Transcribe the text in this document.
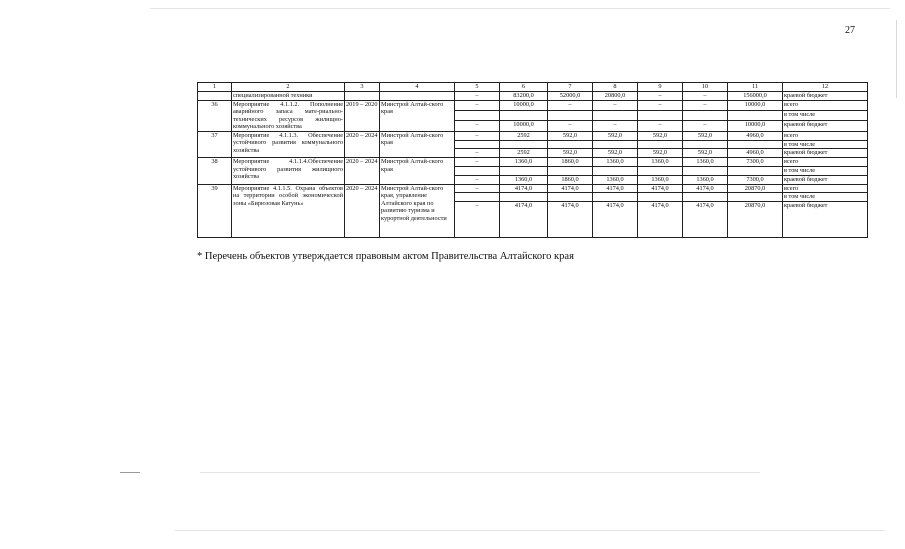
27
1	2	3	4	5	6	7	8	9	10	11	12
	специализированной техники			–	83200,0	52000,0	20800,0	–	–	156000,0	краевой бюджет
36	Мероприятие 4.1.1.2. Пополнение аварийного запаса мате-риально-технических ресурсов жилищно-коммунального хозяйства	2019 – 2020	Минстрой Алтай-ского края	–	10000,0	–	–	–	–	10000,0	всего
											в том числе
				–	10000,0	–	–	–	–	10000,0	краевой бюджет
37	Мероприятие 4.1.1.3. Обеспечение устойчивого развития коммунального хозяйства	2020 – 2024	Минстрой Алтай-ского края	–	2592	592,0	592,0	592,0	592,0	4960,0	всего
											в том числе
				–	2592	592,0	592,0	592,0	592,0	4960,0	краевой бюджет
38	Мероприятие 4.1.1.4.Обеспечение устойчивого развития жилищного хозяйства	2020 – 2024	Минстрой Алтай-ского края	–	1360,0	1860,0	1360,0	1360,0	1360,0	7300,0	всего
											в том числе
				–	1360,0	1860,0	1360,0	1360,0	1360,0	7300,0	краевой бюджет
39	Мероприятие 4.1.1.5. Охрана объектов на территории особой экономической зоны «Бирюзовая Катунь»	2020 – 2024	Минстрой Алтай-ского края, управление Алтайского края по развитию туризма и курортной деятельности	–	4174,0	4174,0	4174,0	4174,0	4174,0	20870,0	всего
											в том числе
				–	4174,0	4174,0	4174,0	4174,0	4174,0	20870,0	краевой бюджет
* Перечень объектов утверждается правовым актом Правительства Алтайского края
